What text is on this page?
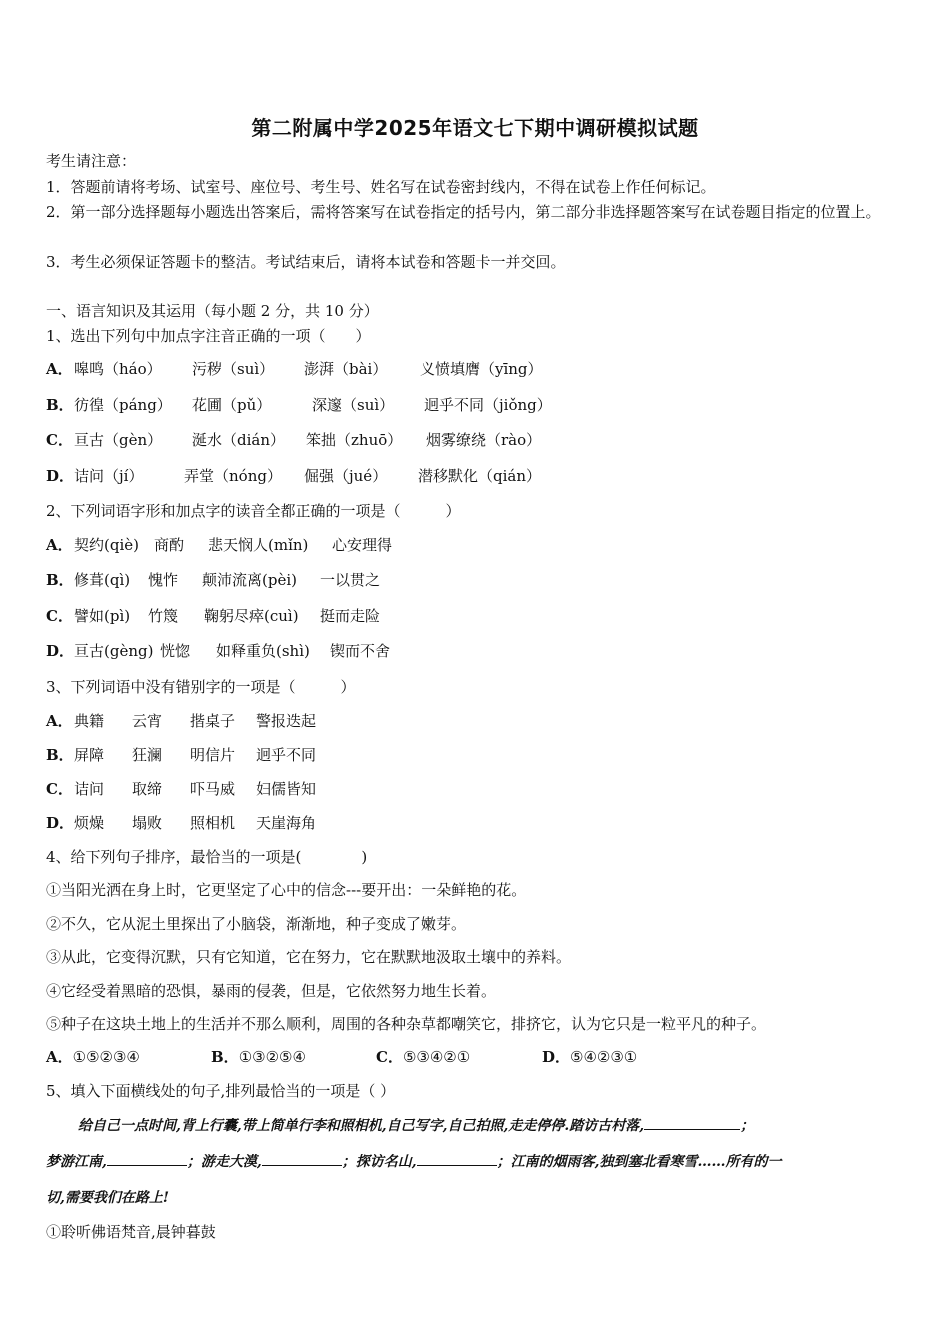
第二附属中学2025年语文七下期中调研模拟试题
考生请注意：
1．答题前请将考场、试室号、座位号、考生号、姓名写在试卷密封线内，不得在试卷上作任何标记。
2．第一部分选择题每小题选出答案后，需将答案写在试卷指定的括号内，第二部分非选择题答案写在试卷题目指定的位置上。
3．考生必须保证答题卡的整洁。考试结束后，请将本试卷和答题卡一并交回。
一、语言知识及其运用（每小题 2 分，共 10 分）
1、选出下列句中加点字注音正确的一项（　　）
A． 嗥鸣（háo）	污秽（suì）	澎湃（bài）	义愤填膺（yīng）
B． 彷徨（páng）	花圃（pǔ）	深邃（suì）	迥乎不同（jiǒng）
C． 亘古（gèn）	涎水（dián）	笨拙（zhuō）	烟雾缭绕（rào）
D． 诘问（jí）	弄堂（nóng）	倔强（jué）	潜移默化（qián）
2、下列词语字形和加点字的读音全都正确的一项是（　　　）
A． 契约(qiè)	商酌	悲天悯人(mǐn)	心安理得
B． 修葺(qì)	愧怍	颠沛流离(pèi)	一以贯之
C． 譬如(pì)	竹篾	鞠躬尽瘁(cuì)	挺而走险
D． 亘古(gèng) 恍惚	如释重负(shì)	锲而不舍
3、下列词语中没有错别字的一项是（　　　）
A． 典籍	云宵	揩桌子	警报迭起
B． 屏障	狂澜	明信片	迥乎不同
C． 诘问	取缔	吓马威	妇儒皆知
D． 烦燥	塌败	照相机	天崖海角
4、给下列句子排序，最恰当的一项是(　　　　)
①当阳光洒在身上时，它更坚定了心中的信念---要开出：一朵鲜艳的花。
②不久，它从泥土里探出了小脑袋，渐渐地，种子变成了嫩芽。
③从此，它变得沉默，只有它知道，它在努力，它在默默地汲取土壤中的养料。
④它经受着黑暗的恐惧，暴雨的侵袭，但是，它依然努力地生长着。
⑤种子在这块土地上的生活并不那么顺利，周围的各种杂草都嘲笑它，排挤它，认为它只是一粒平凡的种子。
A．①⑤②③④	B．①③②⑤④	C．⑤③④②①	D．⑤④②③①
5、填入下面横线处的句子,排列最恰当的一项是（ ）
给自己一点时间,背上行囊,带上简单行李和照相机,自己写字,自己拍照,走走停停.踏访古村落,	；
梦游江南,	；游走大漠,	；探访名山,	；江南的烟雨客,独到塞北看寒雪……所有的一
切,需要我们在路上!
①聆听佛语梵音,晨钟暮鼓
